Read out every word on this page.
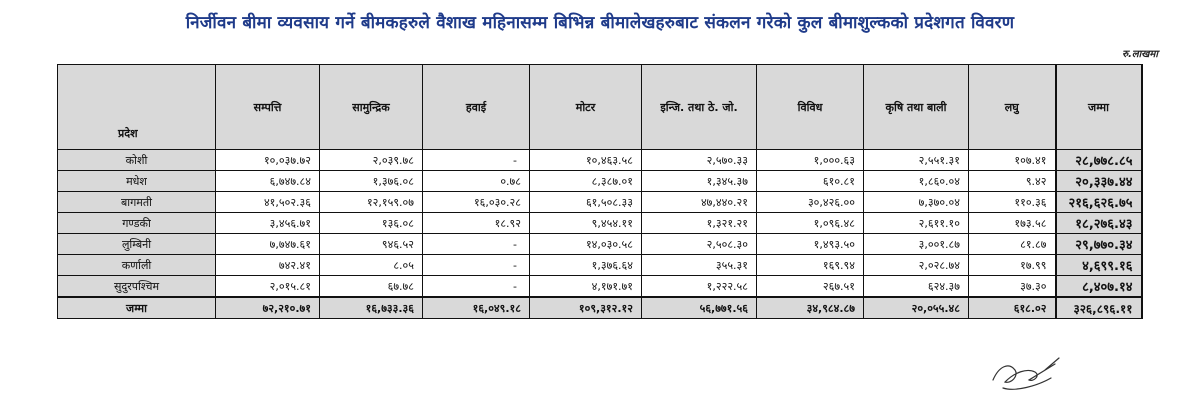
निर्जीवन बीमा व्यवसाय गर्ने बीमकहरुले वैशाख महिनासम्म बिभिन्न बीमालेखहरुबाट संकलन गरेको कुल बीमाशुल्कको प्रदेशगत विवरण
रु.लाखमा
प्रदेश	सम्पत्ति	सामुन्द्रिक	हवाई	मोटर	इन्जि. तथा ठे. जो.	विविध	कृषि तथा बाली	लघु	जम्मा
कोशी	१०,०३७.७२	२,०३९.७८	-	१०,४६३.५८	२,५७०.३३	१,०००.६३	२,५५१.३१	१०७.४१	२८,७७८.८५
मधेश	६,७४७.८४	१,३७६.०८	०.७८	८,३८७.०१	१,३४५.३७	६१०.८१	१,८६०.०४	९.४२	२०,३३७.४४
बागमती	४१,५०२.३६	१२,१५९.०७	१६,०३०.२८	६१,५०८.३३	४७,४४०.२१	३०,४२६.००	७,३७०.०४	११०.३६	२१६,६२६.७५
गण्डकी	३,४५६.७१	१३६.०८	१८.९२	९,४५४.११	१,३२१.२१	१,०९६.४८	२,६११.१०	१७३.५८	१८,२७६.४३
लुम्बिनी	७,७४७.६१	९४६.५२	-	१४,०३०.५८	२,५०८.३०	१,४९३.५०	३,००१.८७	८१.८७	२९,७७०.३४
कर्णाली	७४२.४१	८.०५	-	१,३७६.६४	३५५.३१	१६९.९४	२,०२८.७४	१७.९९	४,६९९.१६
सुदुरपश्चिम	२,०१५.८१	६७.७८	-	४,१७१.७१	१,२२२.५८	२६७.५१	६२४.३७	३७.३०	८,४०७.१४
जम्मा	७२,२१०.७१	१६,७३३.३६	१६,०४९.१८	१०९,३१२.१२	५६,७७१.५६	३४,९८४.८७	२०,०५५.४८	६१८.०२	३२६,८९६.११
